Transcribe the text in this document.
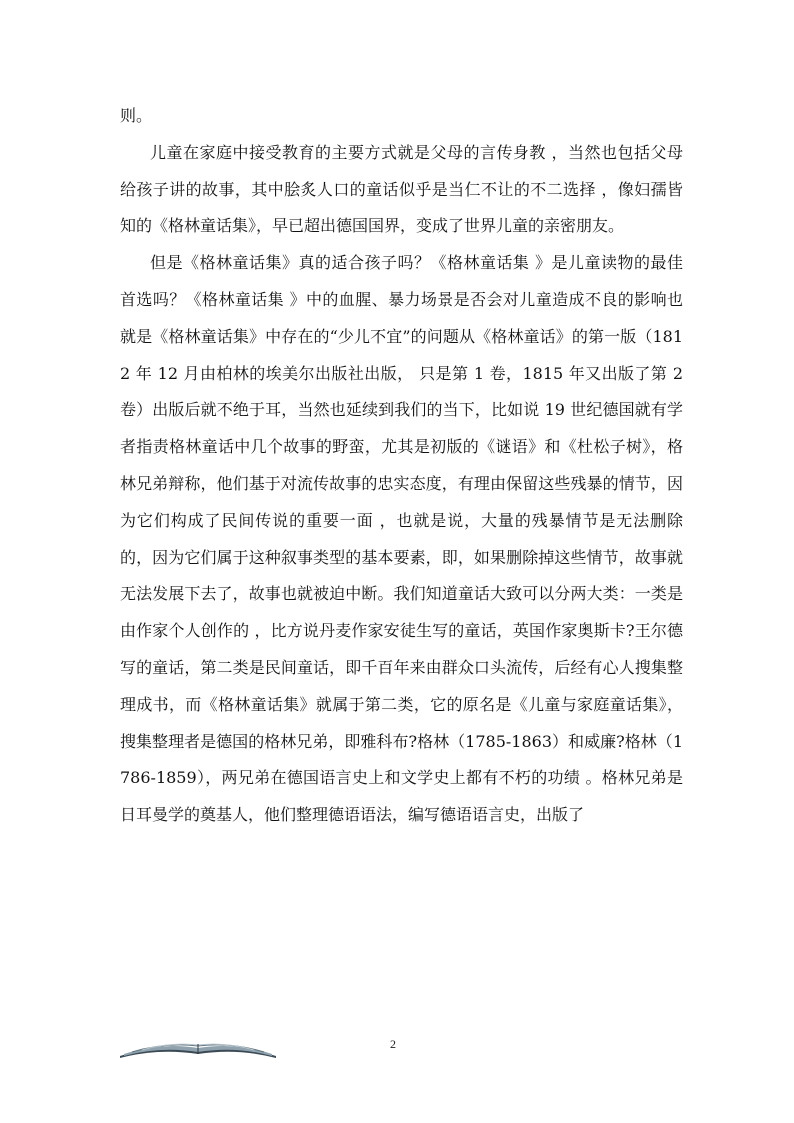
则。

儿童在家庭中接受教育的主要方式就是父母的言传身教 ，当然也包括父母给孩子讲的故事，其中脍炙人口的童话似乎是当仁不让的不二选择 ，像妇孺皆知的《格林童话集》，早已超出德国国界，变成了世界儿童的亲密朋友。

但是《格林童话集》真的适合孩子吗？《格林童话集 》是儿童读物的最佳首选吗？《格林童话集 》中的血腥、暴力场景是否会对儿童造成不良的影响也就是《格林童话集》中存在的“少儿不宜”的问题从《格林童话》的第一版（1812 年 12 月由柏林的埃美尔出版社出版， 只是第 1 卷，1815 年又出版了第 2 卷）出版后就不绝于耳，当然也延续到我们的当下，比如说 19 世纪德国就有学者指责格林童话中几个故事的野蛮，尤其是初版的《谜语》和《杜松子树》，格林兄弟辩称，他们基于对流传故事的忠实态度，有理由保留这些残暴的情节，因为它们构成了民间传说的重要一面 ，也就是说，大量的残暴情节是无法删除的，因为它们属于这种叙事类型的基本要素，即，如果删除掉这些情节，故事就无法发展下去了，故事也就被迫中断。我们知道童话大致可以分两大类：一类是由作家个人创作的 ，比方说丹麦作家安徒生写的童话，英国作家奥斯卡?王尔德写的童话，第二类是民间童话，即千百年来由群众口头流传，后经有心人搜集整理成书，而《格林童话集》就属于第二类，它的原名是《儿童与家庭童话集》，搜集整理者是德国的格林兄弟，即雅科布?格林（1785-1863）和威廉?格林（1786-1859），两兄弟在德国语言史上和文学史上都有不朽的功绩 。格林兄弟是日耳曼学的奠基人，他们整理德语语法，编写德语语言史，出版了

2
